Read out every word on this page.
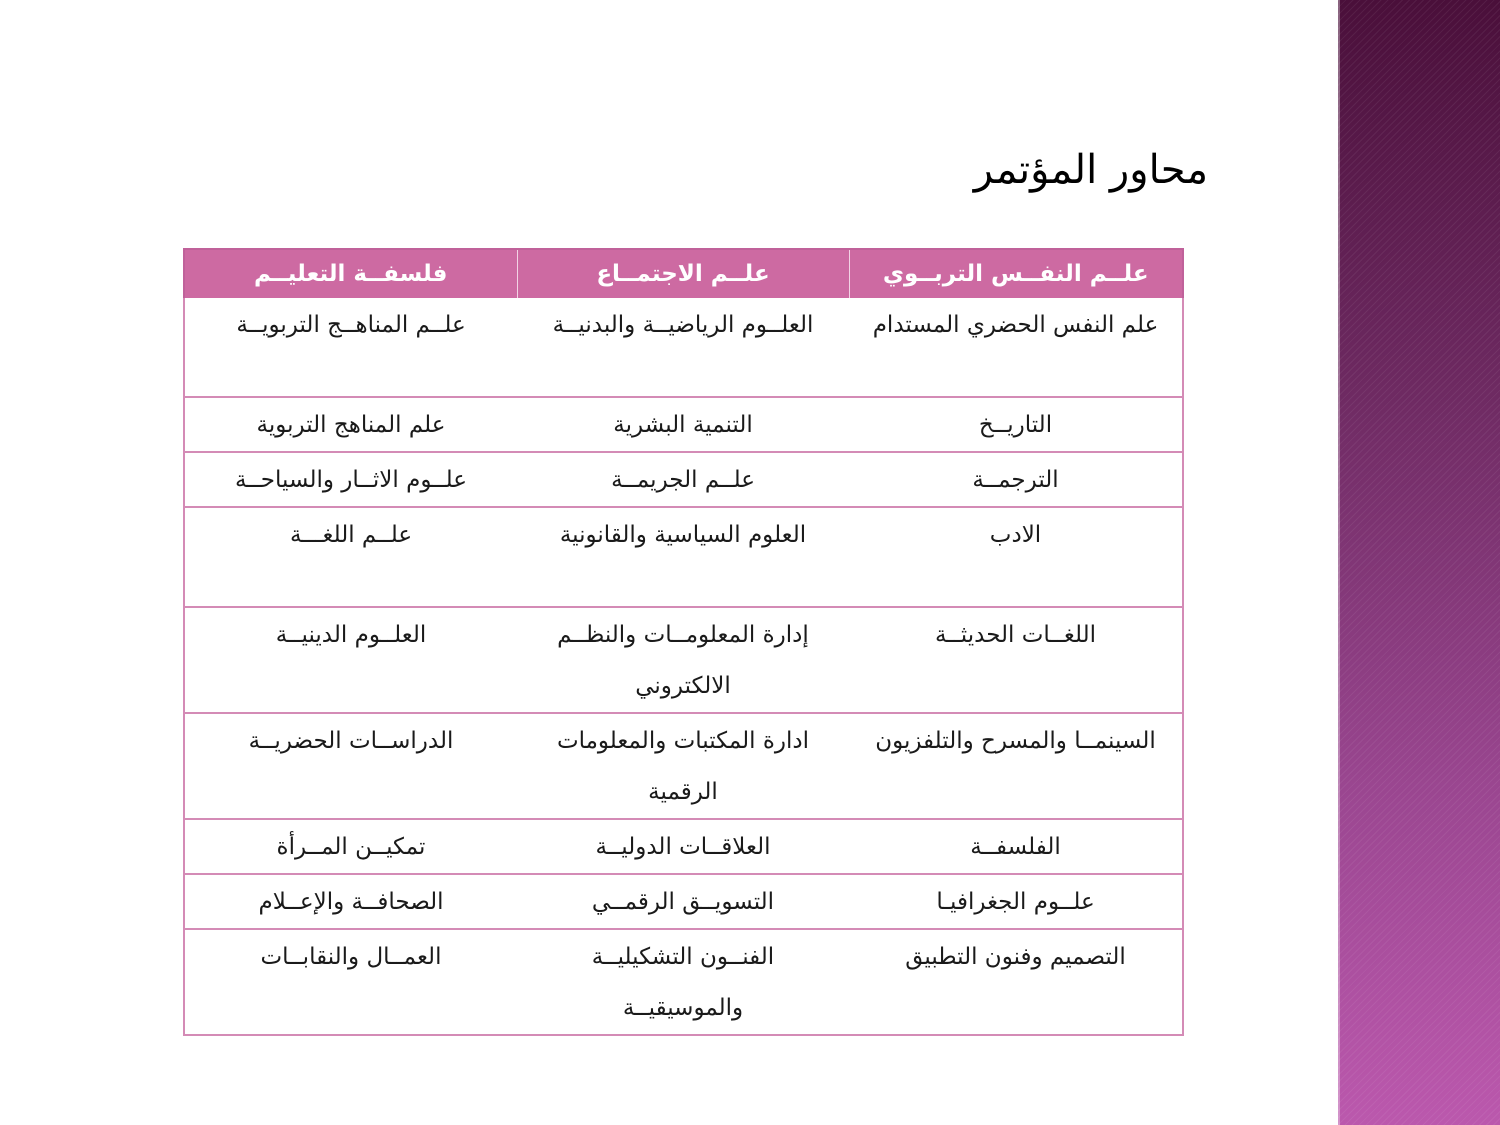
محاور المؤتمر
علــم النفــس التربــوي	علــم الاجتمــاع	فلسفــة التعليــم
علم النفس الحضري المستدام	العلــوم الرياضيــة والبدنيــة	علــم المناهــج التربويــة
التاريــخ	التنمية البشرية	علم المناهج التربوية
الترجمــة	علــم الجريمــة	علــوم الاثــار والسياحــة
الادب	العلوم السياسية والقانونية	علــم اللغـــة
اللغــات الحديثــة	إدارة المعلومــات والنظــم الالكتروني	العلــوم الدينيــة
السينمــا والمسرح والتلفزيون	ادارة المكتبات والمعلومات الرقمية	الدراســات الحضريــة
الفلسفــة	العلاقــات الدوليــة	تمكيــن المــرأة
علــوم الجغرافيـا	التسويــق الرقمــي	الصحافــة والإعــلام
التصميم وفنون التطبيق	الفنــون التشكيليــة والموسيقيــة	العمــال والنقابــات
